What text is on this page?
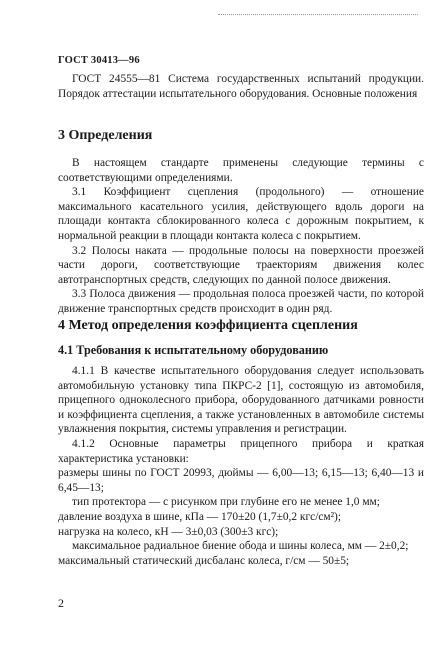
ГОСТ 30413—96

ГОСТ 24555—81 Система государственных испытаний продукции. Порядок аттестации испытательного оборудования. Основные положения

3 Определения

В настоящем стандарте применены следующие термины с соответствующими определениями.

3.1 Коэффициент сцепления (продольного) — отношение максимального касательного усилия, действующего вдоль дороги на площади контакта сблокированного колеса с дорожным покрытием, к нормальной реакции в площади контакта колеса с покрытием.

3.2 Полосы наката — продольные полосы на поверхности проезжей части дороги, соответствующие траекториям движения колес автотранспортных средств, следующих по данной полосе движения.

3.3 Полоса движения — продольная полоса проезжей части, по которой движение транспортных средств происходит в один ряд.

4 Метод определения коэффициента сцепления
4.1 Требования к испытательному оборудованию

4.1.1 В качестве испытательного оборудования следует использовать автомобильную установку типа ПКРС-2 [1], состоящую из автомобиля, прицепного одноколесного прибора, оборудованного датчиками ровности и коэффициента сцепления, а также установленных в автомобиле системы увлажнения покрытия, системы управления и регистрации.

4.1.2 Основные параметры прицепного прибора и краткая характеристика установки:

размеры шины по ГОСТ 20993, дюймы — 6,00—13; 6,15—13; 6,40—13 и 6,45—13;

тип протектора — с рисунком при глубине его не менее 1,0 мм;

давление воздуха в шине, кПа — 170±20 (1,7±0,2 кгс/см²);

нагрузка на колесо, кН — 3±0,03 (300±3 кгс);

максимальное радиальное биение обода и шины колеса, мм — 2±0,2;

максимальный статический дисбаланс колеса, г/см — 50±5;

2
